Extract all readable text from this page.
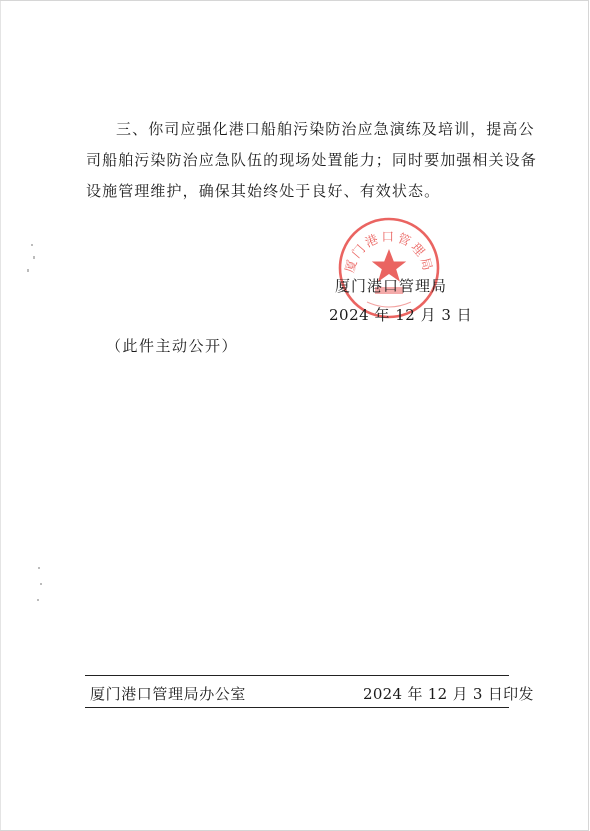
三、你司应强化港口船舶污染防治应急演练及培训，提高公
司船舶污染防治应急队伍的现场处置能力；同时要加强相关设备
设施管理维护，确保其始终处于良好、有效状态。
厦门港口管理局
厦门港口管理局
2024 年 12 月 3 日
（此件主动公开）
厦门港口管理局办公室	2024 年 12 月 3 日印发
